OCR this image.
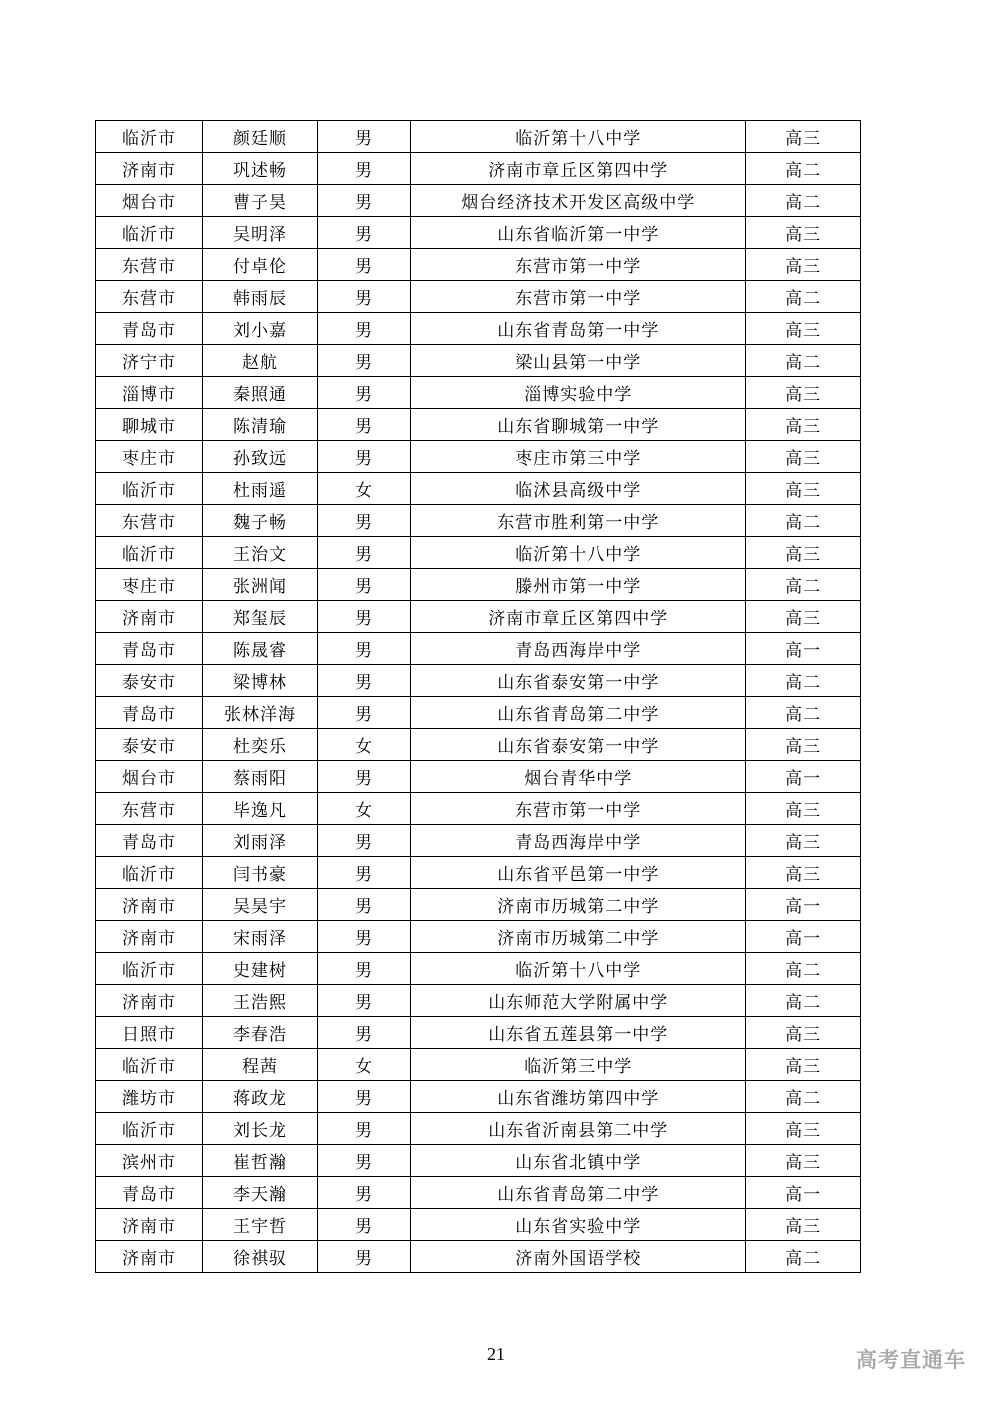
临沂市	颜廷顺	男	临沂第十八中学	高三
济南市	巩述畅	男	济南市章丘区第四中学	高二
烟台市	曹子昊	男	烟台经济技术开发区高级中学	高二
临沂市	吴明泽	男	山东省临沂第一中学	高三
东营市	付卓伦	男	东营市第一中学	高三
东营市	韩雨辰	男	东营市第一中学	高二
青岛市	刘小嘉	男	山东省青岛第一中学	高三
济宁市	赵航	男	梁山县第一中学	高二
淄博市	秦照通	男	淄博实验中学	高三
聊城市	陈清瑜	男	山东省聊城第一中学	高三
枣庄市	孙致远	男	枣庄市第三中学	高三
临沂市	杜雨遥	女	临沭县高级中学	高三
东营市	魏子畅	男	东营市胜利第一中学	高二
临沂市	王治文	男	临沂第十八中学	高三
枣庄市	张洲闻	男	滕州市第一中学	高二
济南市	郑玺辰	男	济南市章丘区第四中学	高三
青岛市	陈晟睿	男	青岛西海岸中学	高一
泰安市	梁博林	男	山东省泰安第一中学	高二
青岛市	张林洋海	男	山东省青岛第二中学	高二
泰安市	杜奕乐	女	山东省泰安第一中学	高三
烟台市	蔡雨阳	男	烟台青华中学	高一
东营市	毕逸凡	女	东营市第一中学	高三
青岛市	刘雨泽	男	青岛西海岸中学	高三
临沂市	闫书豪	男	山东省平邑第一中学	高三
济南市	吴昊宇	男	济南市历城第二中学	高一
济南市	宋雨泽	男	济南市历城第二中学	高一
临沂市	史建树	男	临沂第十八中学	高二
济南市	王浩熙	男	山东师范大学附属中学	高二
日照市	李春浩	男	山东省五莲县第一中学	高三
临沂市	程茜	女	临沂第三中学	高三
潍坊市	蒋政龙	男	山东省潍坊第四中学	高二
临沂市	刘长龙	男	山东省沂南县第二中学	高三
滨州市	崔哲瀚	男	山东省北镇中学	高三
青岛市	李天瀚	男	山东省青岛第二中学	高一
济南市	王宇哲	男	山东省实验中学	高三
济南市	徐祺驭	男	济南外国语学校	高二
21	高考直通车
